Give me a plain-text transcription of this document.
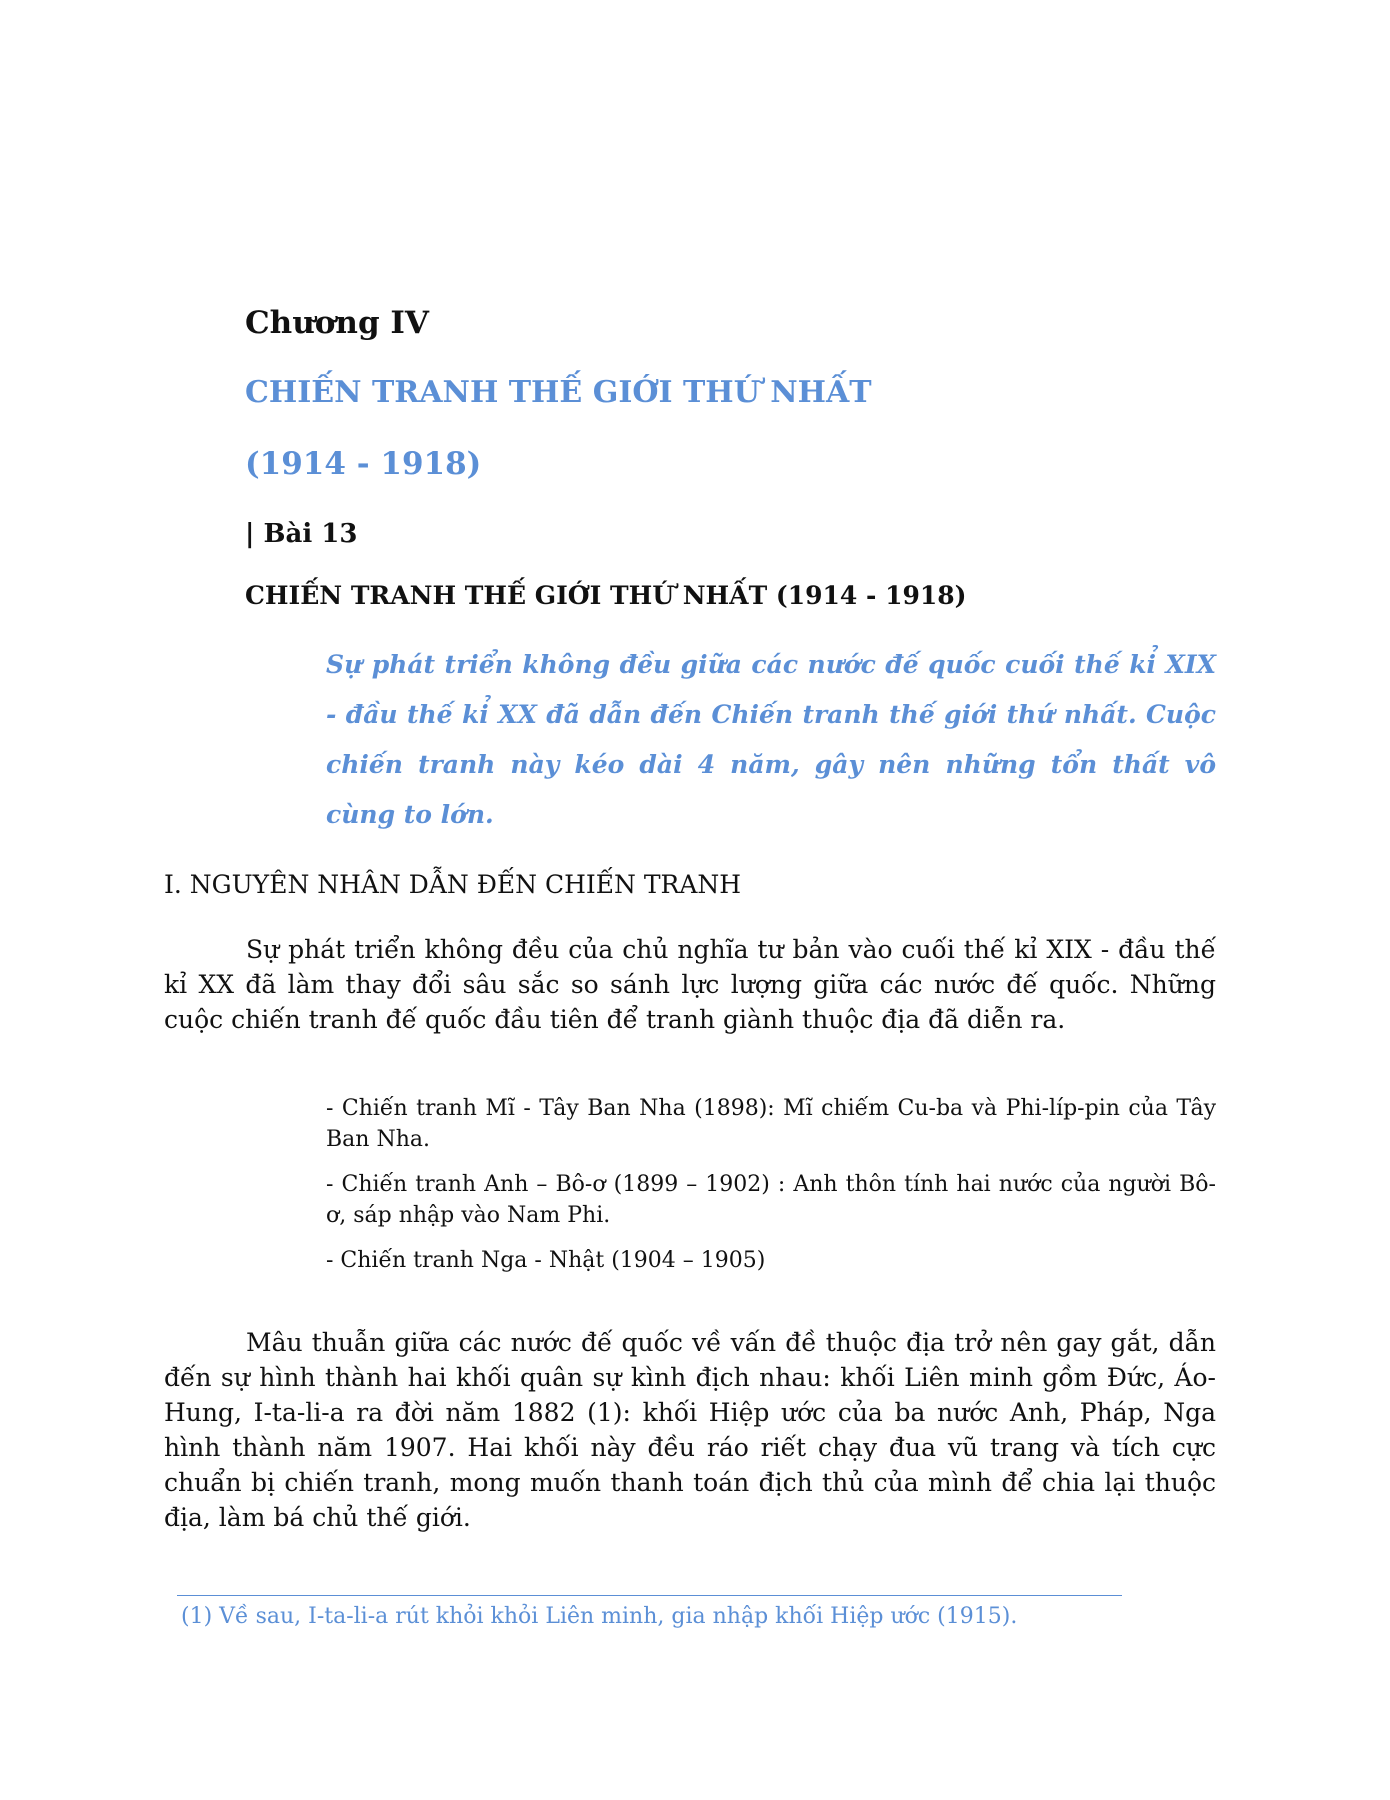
Chương IV
CHIẾN TRANH THẾ GIỚI THỨ NHẤT
(1914 - 1918)
| Bài 13
CHIẾN TRANH THẾ GIỚI THỨ NHẤT (1914 - 1918)
Sự phát triển không đều giữa các nước đế quốc cuối thế kỉ XIX - đầu thế kỉ XX đã dẫn đến Chiến tranh thế giới thứ nhất. Cuộc chiến tranh này kéo dài 4 năm, gây nên những tổn thất vô cùng to lớn.
I. NGUYÊN NHÂN DẪN ĐẾN CHIẾN TRANH

Sự phát triển không đều của chủ nghĩa tư bản vào cuối thế kỉ XIX - đầu thế kỉ XX đã làm thay đổi sâu sắc so sánh lực lượng giữa các nước đế quốc. Những cuộc chiến tranh đế quốc đầu tiên để tranh giành thuộc địa đã diễn ra.

- Chiến tranh Mĩ - Tây Ban Nha (1898): Mĩ chiếm Cu-ba và Phi-líp-pin của Tây Ban Nha.
- Chiến tranh Anh – Bô-ơ (1899 – 1902) : Anh thôn tính hai nước của người Bô-ơ, sáp nhập vào Nam Phi.
- Chiến tranh Nga - Nhật (1904 – 1905)

Mâu thuẫn giữa các nước đế quốc về vấn đề thuộc địa trở nên gay gắt, dẫn đến sự hình thành hai khối quân sự kình địch nhau: khối Liên minh gồm Đức, Áo-Hung, I-ta-li-a ra đời năm 1882 (1): khối Hiệp ước của ba nước Anh, Pháp, Nga hình thành năm 1907. Hai khối này đều ráo riết chạy đua vũ trang và tích cực chuẩn bị chiến tranh, mong muốn thanh toán địch thủ của mình để chia lại thuộc địa, làm bá chủ thế giới.

(1) Về sau, I-ta-li-a rút khỏi khỏi Liên minh, gia nhập khối Hiệp ước (1915).
